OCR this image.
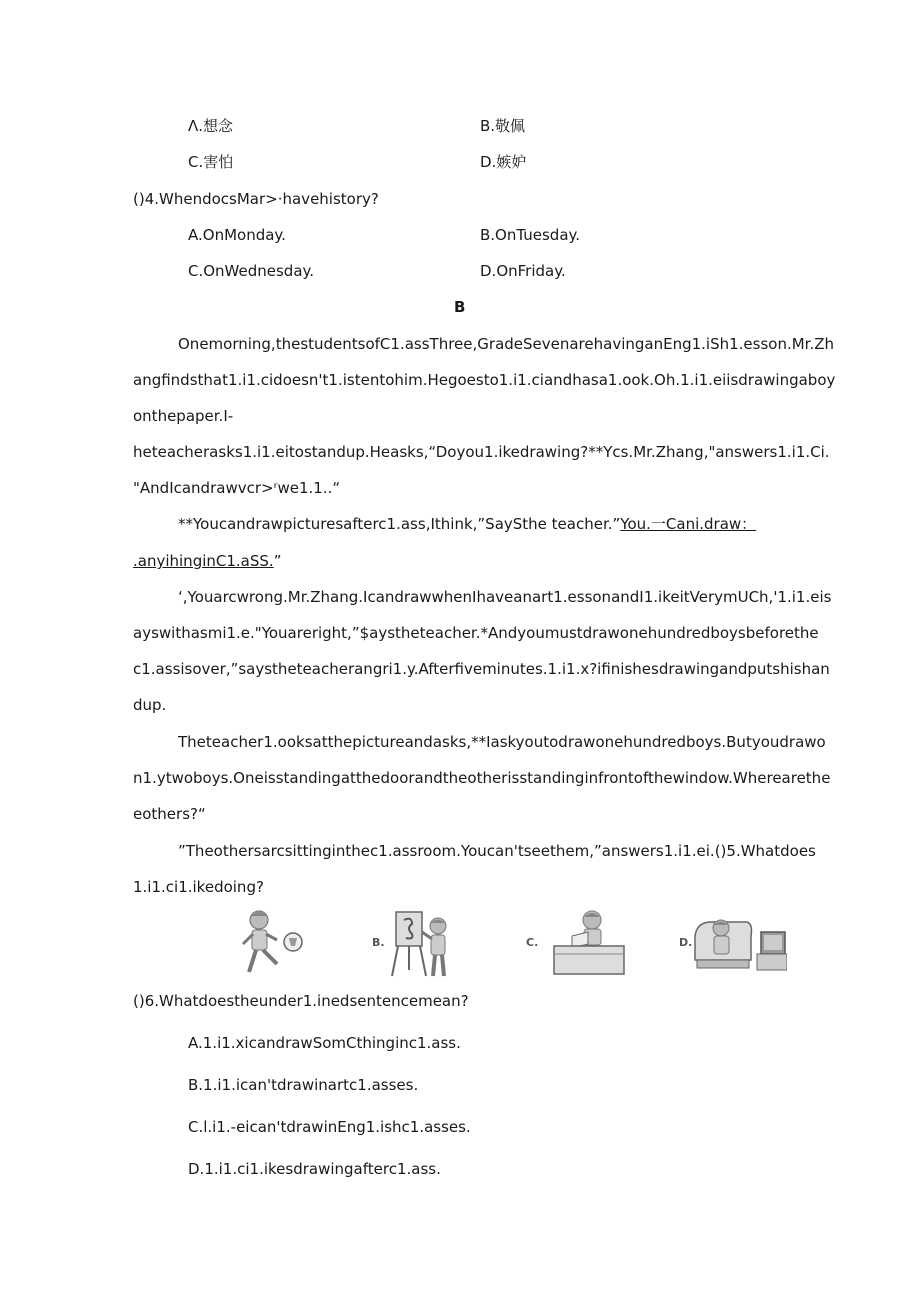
Λ.想念	B.敬佩
C.害怕	D.嫉妒
()4.WhendocsMar>·havehistory?
A.OnMonday.	B.OnTuesday.
C.OnWednesday.	D.OnFriday.
B
Onemorning,thestudentsofC1.assThree,GradeSevenarehavinganEng1.iSh1.esson.Mr.Zh
angfindsthat1.i1.cidoesn't1.istentohim.Hegoesto1.i1.ciandhasa1.ook.Oh.1.i1.eiisdrawingaboy
onthepaper.I-
heteacherasks1.i1.eitostandup.Heasks,“Doyou1.ikedrawing?**Ycs.Mr.Zhang,"answers1.i1.Ci.
"AndIcandrawvcr>ʳwe1.1..“
**Youcandrawpicturesafterc1.ass,Ithink,”SaySthe teacher.”You.一Cani.draw：
.anyihinginC1.aSS.”
‘,Youarcwrong.Mr.Zhang.IcandrawwhenIhaveanart1.essonandI1.ikeitVerymUCh,'1.i1.eis
ayswithasmi1.e."Youareright,”$aystheteacher.*Andyoumustdrawonehundredboysbeforethe
c1.assisover,”saystheteacherangri1.y.Afterfiveminutes.1.i1.x?ifinishesdrawingandputshishan
dup.
Theteacher1.ooksatthepictureandasks,**Iaskyoutodrawonehundredboys.Butyoudrawo
n1.ytwoboys.Oneisstandingatthedoorandtheotherisstandinginfrontofthewindow.Wherearethe
eothers?“
”Theothersarcsittinginthec1.assroom.Youcan'tseethem,”answers1.i1.ei.()5.Whatdoes
1.i1.ci1.ikedoing?
B.	C.	D.
()6.Whatdoestheunder1.inedsentencemean?
A.1.i1.xicandrawSomCthinginc1.ass.
B.1.i1.ican'tdrawinartc1.asses.
C.l.i1.-eican'tdrawinEng1.ishc1.asses.
D.1.i1.ci1.ikesdrawingafterc1.ass.
